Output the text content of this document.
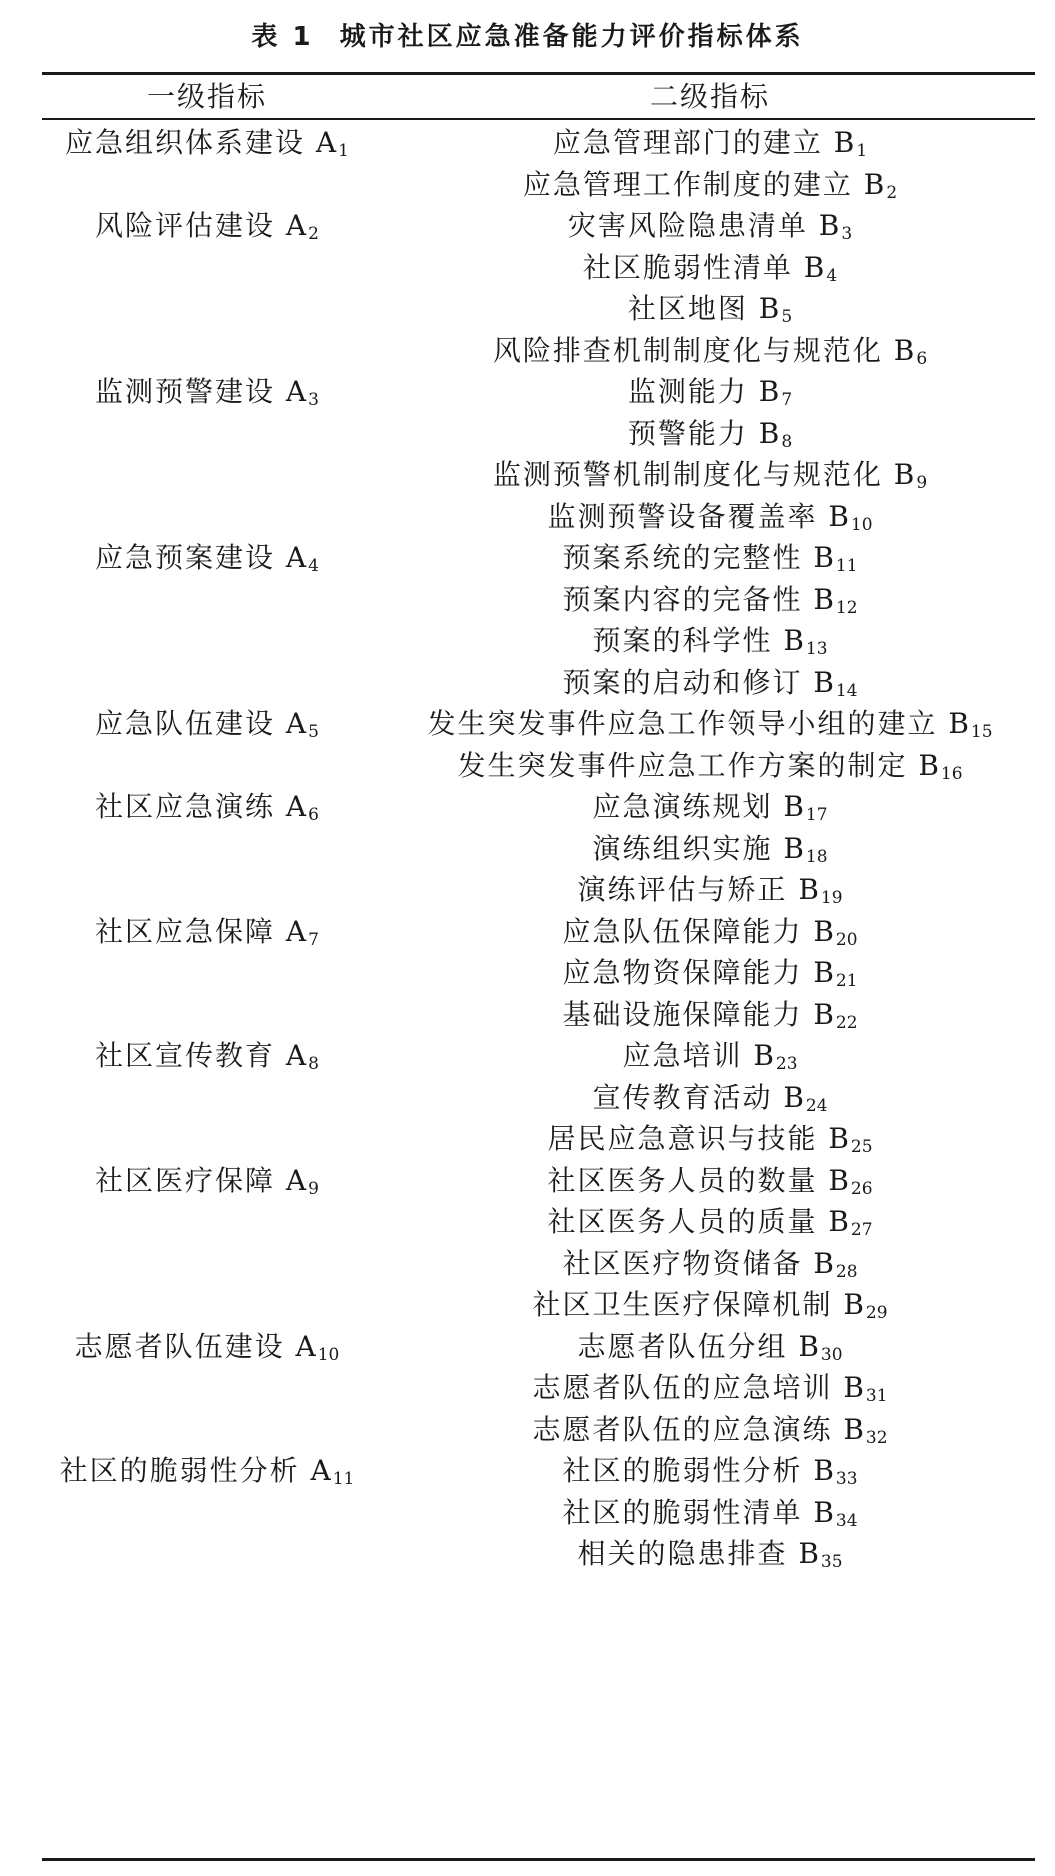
表 1 城市社区应急准备能力评价指标体系
一级指标	二级指标
应急管理部门的建立 $B_1$
应急管理工作制度的建立 $B_2$
灾害风险隐患清单 $B_3$
社区脆弱性清单 $B_4$
社区地图 $B_5$
风险排查机制制度化与规范化 $B_6$
监测能力 $B_7$
预警能力 $B_8$
监测预警机制制度化与规范化 $B_9$
监测预警设备覆盖率 $B_{10}$
预案系统的完整性 $B_{11}$
预案内容的完备性 $B_{12}$
预案的科学性 $B_{13}$
预案的启动和修订 $B_{14}$
发生突发事件应急工作领导小组的建立 $B_{15}$
发生突发事件应急工作方案的制定 $B_{16}$
应急演练规划 $B_{17}$
演练组织实施 $B_{18}$
演练评估与矫正 $B_{19}$
应急队伍保障能力 $B_{20}$
应急物资保障能力 $B_{21}$
基础设施保障能力 $B_{22}$
应急培训 $B_{23}$
宣传教育活动 $B_{24}$
居民应急意识与技能 $B_{25}$
社区医务人员的数量 $B_{26}$
社区医务人员的质量 $B_{27}$
社区医疗物资储备 $B_{28}$
社区卫生医疗保障机制 $B_{29}$
志愿者队伍分组 $B_{30}$
志愿者队伍的应急培训 $B_{31}$
志愿者队伍的应急演练 $B_{32}$
社区的脆弱性分析 $B_{33}$
社区的脆弱性清单 $B_{34}$
相关的隐患排查 $B_{35}$
应急组织体系建设 $A_1$
风险评估建设 $A_2$
监测预警建设 $A_3$
应急预案建设 $A_4$
应急队伍建设 $A_5$
社区应急演练 $A_6$
社区应急保障 $A_7$
社区宣传教育 $A_8$
社区医疗保障 $A_9$
志愿者队伍建设 $A_{10}$
社区的脆弱性分析 $A_{11}$
